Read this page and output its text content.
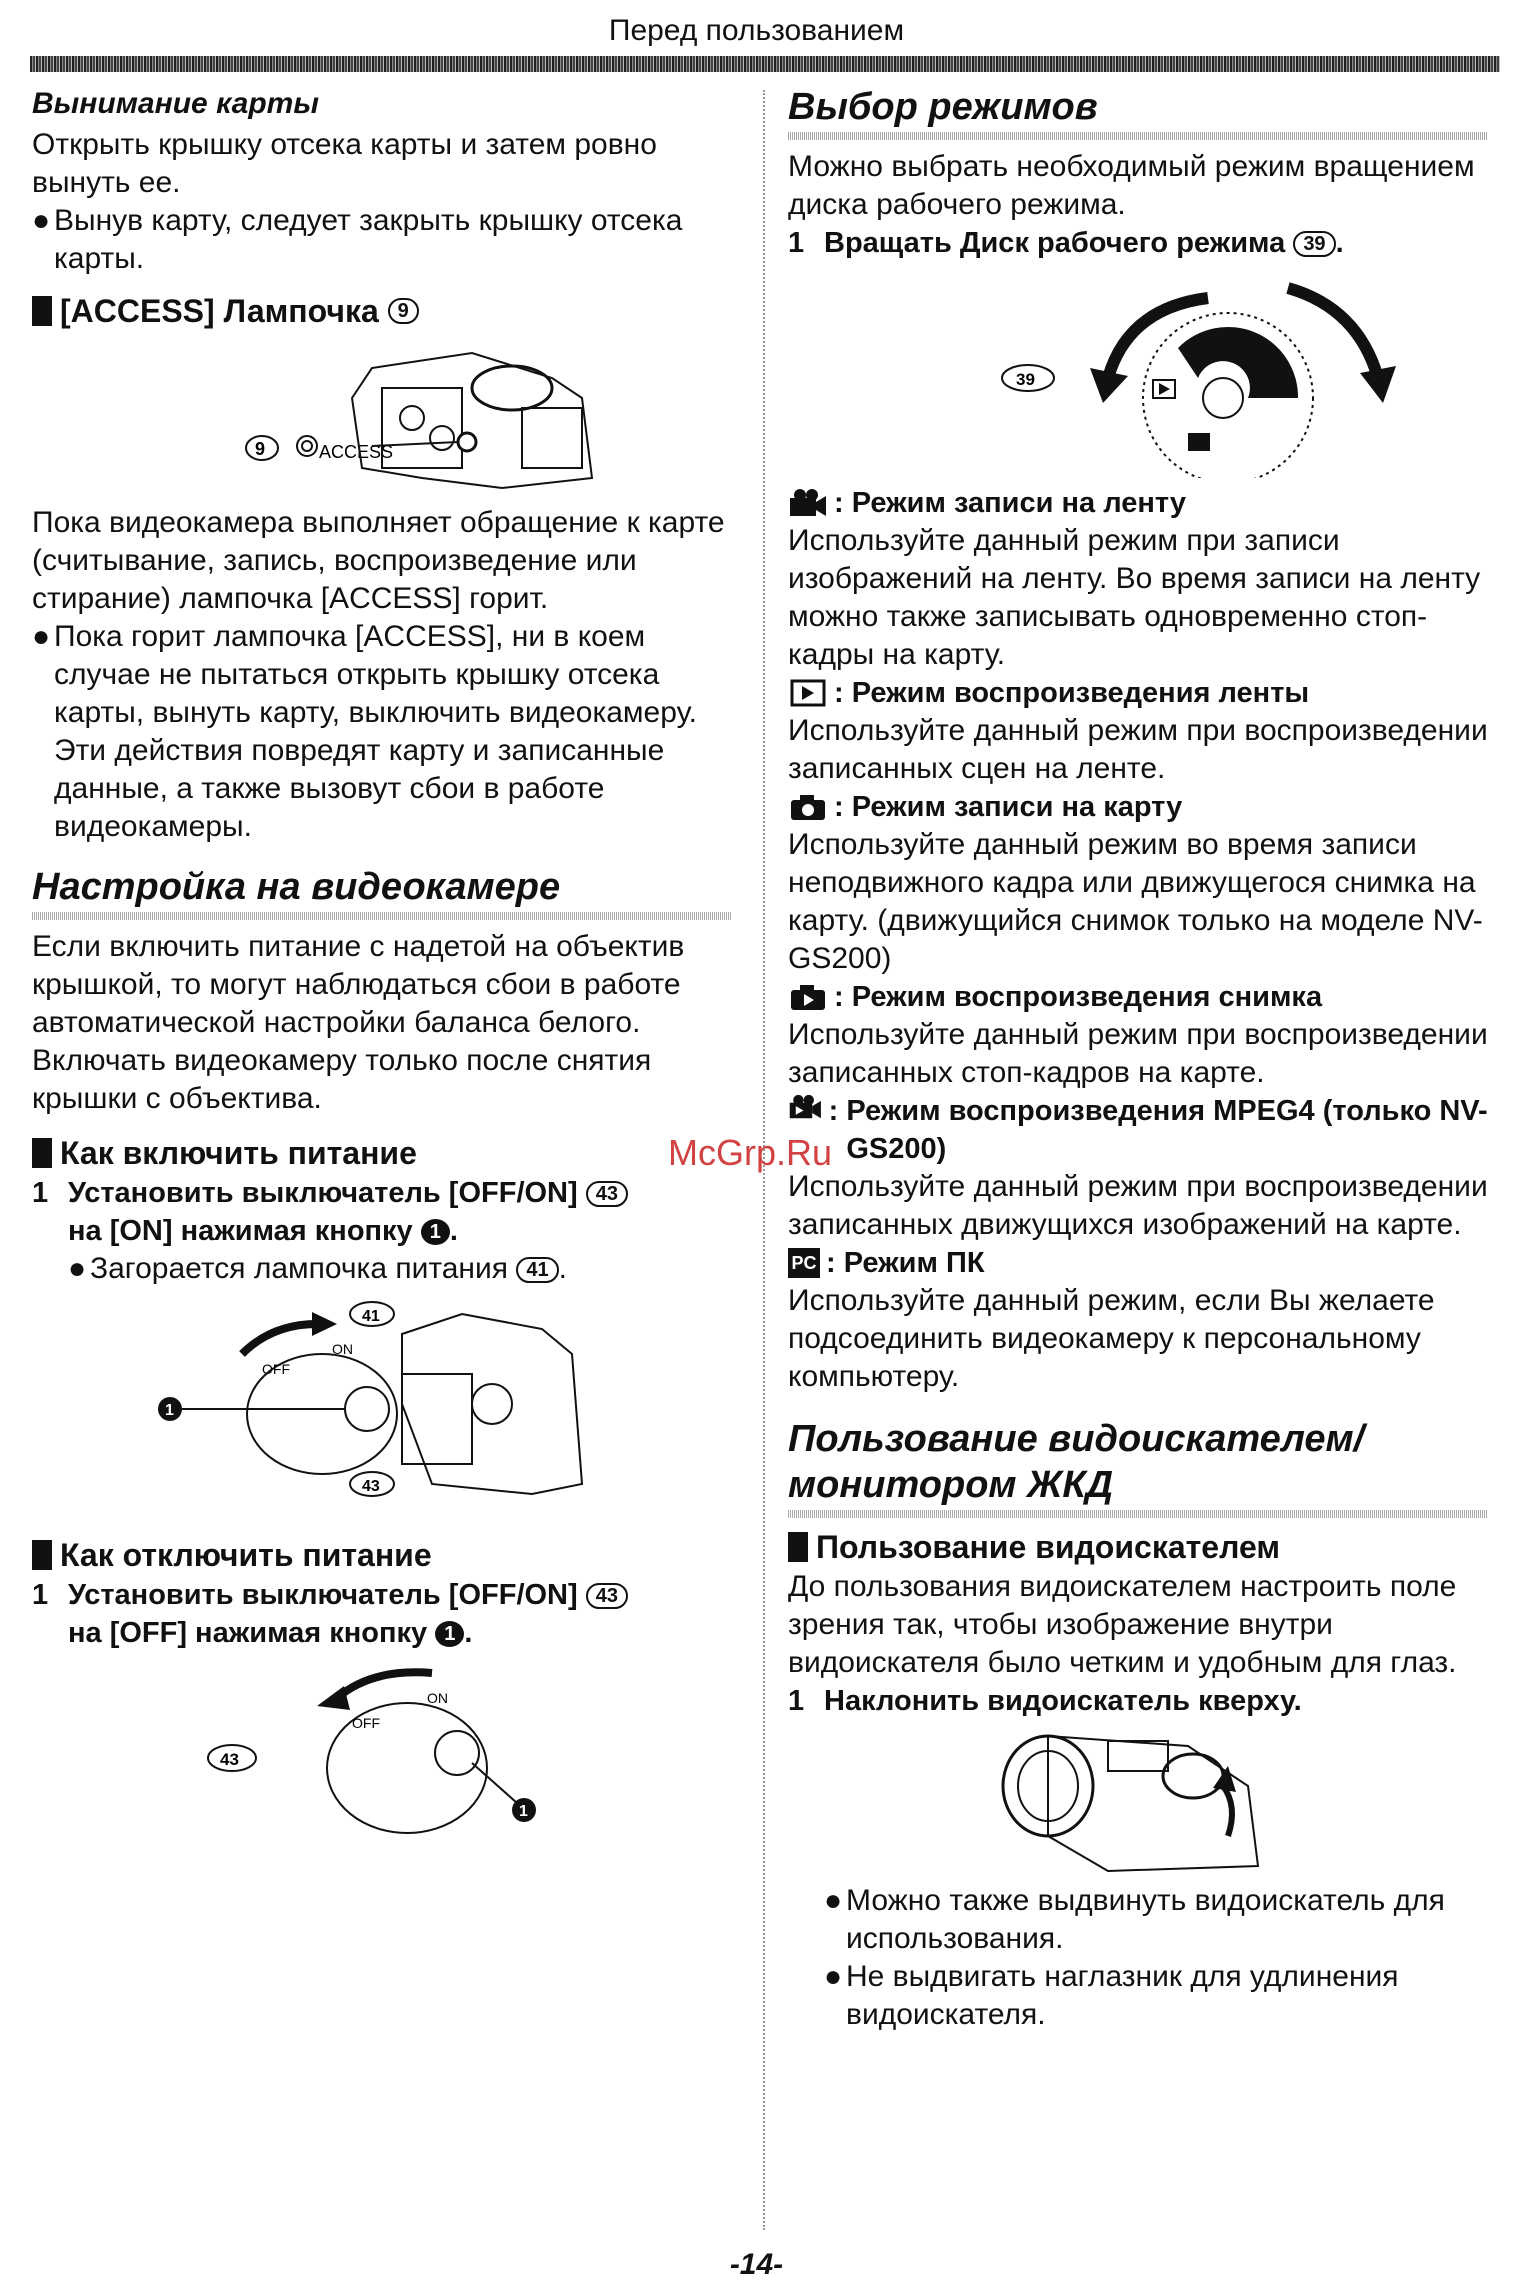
Перед пользованием
Вынимание карты

Открыть крышку отсека карты и затем ровно вынуть ее.

● Вынув карту, следует закрыть крышку отсека карты.
[ACCESS] Лампочка
9
9	ACCESS

Пока видеокамера выполняет обращение к карте (считывание, запись, воспроизведение или стирание) лампочка [ACCESS] горит.

● Пока горит лампочка [ACCESS], ни в коем случае не пытаться открыть крышку отсека карты, вынуть карту, выключить видеокамеру. Эти действия повредят карту и записанные данные, а также вызовут сбои в работе видеокамеры.
Настройка на видеокамере

Если включить питание с надетой на объектив крышкой, то могут наблюдаться сбои в работе автоматической настройки баланса белого. Включать видеокамеру только после снятия крышки с объектива.

Как включить питание
1 Установить выключатель [OFF/ON] 43
на [ON] нажимая кнопку 1 .
● Загорается лампочка питания 41 .
41
43
OFF
ON
1
Как отключить питание
1 Установить выключатель [OFF/ON] 43
на [OFF] нажимая кнопку 1 .
43
OFF
ON
1
Выбор режимов

Можно выбрать необходимый режим вращением диска рабочего режима.

1 Вращать Диск рабочего режима 39 .
39
: Режим записи на ленту

Используйте данный режим при записи изображений на ленту. Во время записи на ленту можно также записывать одновременно стоп-кадры на карту.

: Режим воспроизведения ленты

Используйте данный режим при воспроизведении записанных сцен на ленте.

: Режим записи на карту

Используйте данный режим во время записи неподвижного кадра или движущегося снимка на карту. (движущийся снимок только на моделе NV-GS200)

: Режим воспроизведения снимка

Используйте данный режим при воспроизведении записанных стоп-кадров на карте.

: Режим воспроизведения MPEG4 (только NV-GS200)

Используйте данный режим при воспроизведении записанных движущихся изображений на карте.

PC : Режим ПК

Используйте данный режим, если Вы желаете подсоединить видеокамеру к персональному компьютеру.

Пользование видоискателем/монитором ЖКД
Пользование видоискателем

До пользования видоискателем настроить поле зрения так, чтобы изображение внутри видоискателя было четким и удобным для глаз.

1 Наклонить видоискатель кверху.
● Можно также выдвинуть видоискатель для использования.
● Не выдвигать наглазник для удлинения видоискателя.
McGrp.Ru
-14-
